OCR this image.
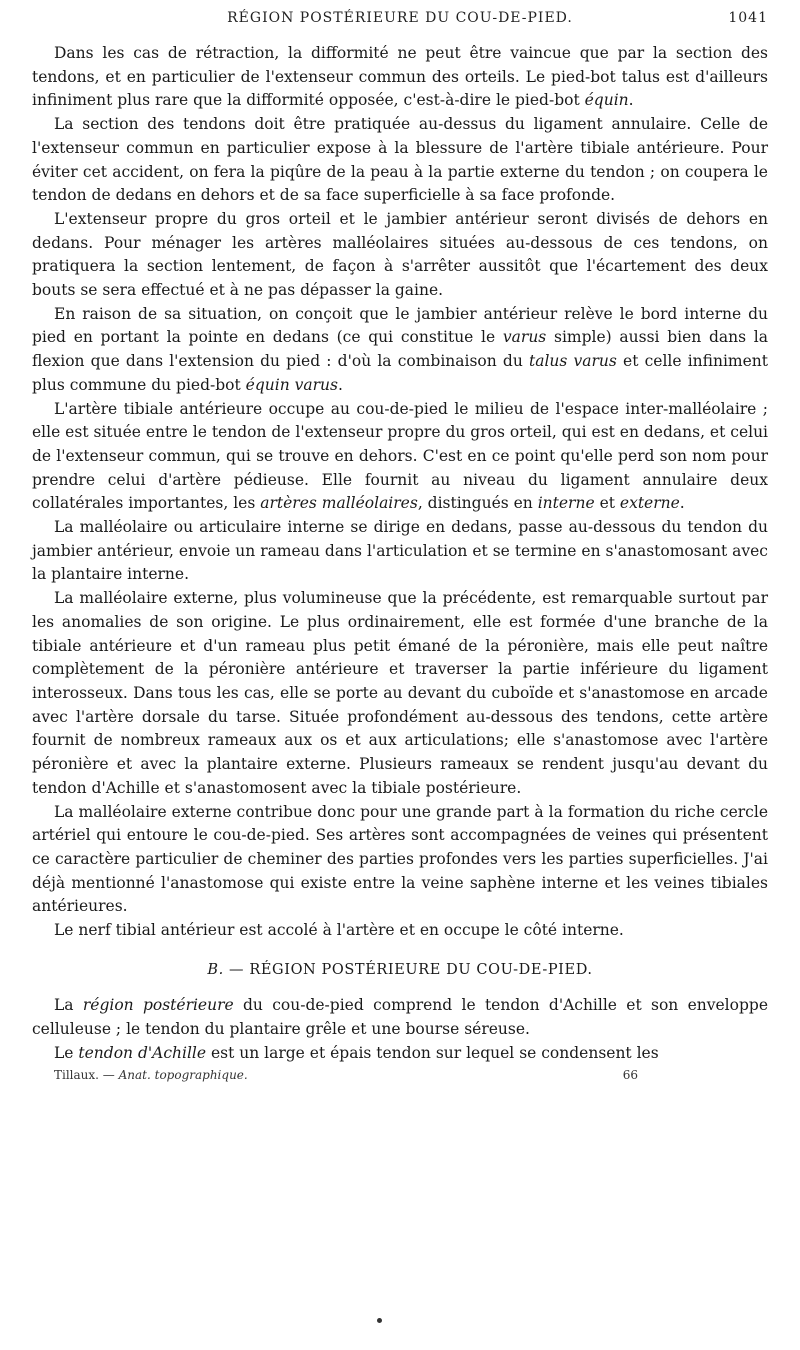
RÉGION POSTÉRIEURE DU COU-DE-PIED.	1041

Dans les cas de rétraction, la difformité ne peut être vaincue que par la section des tendons, et en particulier de l'extenseur commun des orteils. Le pied-bot talus est d'ailleurs infiniment plus rare que la difformité opposée, c'est-à-dire le pied-bot équin.

La section des tendons doit être pratiquée au-dessus du ligament annulaire. Celle de l'extenseur commun en particulier expose à la blessure de l'artère tibiale antérieure. Pour éviter cet accident, on fera la piqûre de la peau à la partie externe du tendon ; on coupera le tendon de dedans en dehors et de sa face superficielle à sa face profonde.

L'extenseur propre du gros orteil et le jambier antérieur seront divisés de dehors en dedans. Pour ménager les artères malléolaires situées au-dessous de ces tendons, on pratiquera la section lentement, de façon à s'arrêter aussitôt que l'écartement des deux bouts se sera effectué et à ne pas dépasser la gaine.

En raison de sa situation, on conçoit que le jambier antérieur relève le bord interne du pied en portant la pointe en dedans (ce qui constitue le varus simple) aussi bien dans la flexion que dans l'extension du pied : d'où la combinaison du talus varus et celle infiniment plus commune du pied-bot équin varus.

L'artère tibiale antérieure occupe au cou-de-pied le milieu de l'espace inter-malléolaire ; elle est située entre le tendon de l'extenseur propre du gros orteil, qui est en dedans, et celui de l'extenseur commun, qui se trouve en dehors. C'est en ce point qu'elle perd son nom pour prendre celui d'artère pédieuse. Elle fournit au niveau du ligament annulaire deux collatérales importantes, les artères malléolaires, distingués en interne et externe.

La malléolaire ou articulaire interne se dirige en dedans, passe au-dessous du tendon du jambier antérieur, envoie un rameau dans l'articulation et se termine en s'anastomosant avec la plantaire interne.

La malléolaire externe, plus volumineuse que la précédente, est remarquable surtout par les anomalies de son origine. Le plus ordinairement, elle est formée d'une branche de la tibiale antérieure et d'un rameau plus petit émané de la péronière, mais elle peut naître complètement de la péronière antérieure et traverser la partie inférieure du ligament interosseux. Dans tous les cas, elle se porte au devant du cuboïde et s'anastomose en arcade avec l'artère dorsale du tarse. Située profondément au-dessous des tendons, cette artère fournit de nombreux rameaux aux os et aux articulations; elle s'anastomose avec l'artère péronière et avec la plantaire externe. Plusieurs rameaux se rendent jusqu'au devant du tendon d'Achille et s'anastomosent avec la tibiale postérieure.

La malléolaire externe contribue donc pour une grande part à la formation du riche cercle artériel qui entoure le cou-de-pied. Ses artères sont accompagnées de veines qui présentent ce caractère particulier de cheminer des parties profondes vers les parties superficielles. J'ai déjà mentionné l'anastomose qui existe entre la veine saphène interne et les veines tibiales antérieures.

Le nerf tibial antérieur est accolé à l'artère et en occupe le côté interne.

B. — RÉGION POSTÉRIEURE DU COU-DE-PIED.

La région postérieure du cou-de-pied comprend le tendon d'Achille et son enveloppe celluleuse ; le tendon du plantaire grêle et une bourse séreuse.

Le tendon d'Achille est un large et épais tendon sur lequel se condensent les

Tillaux. — Anat. topographique.	66
